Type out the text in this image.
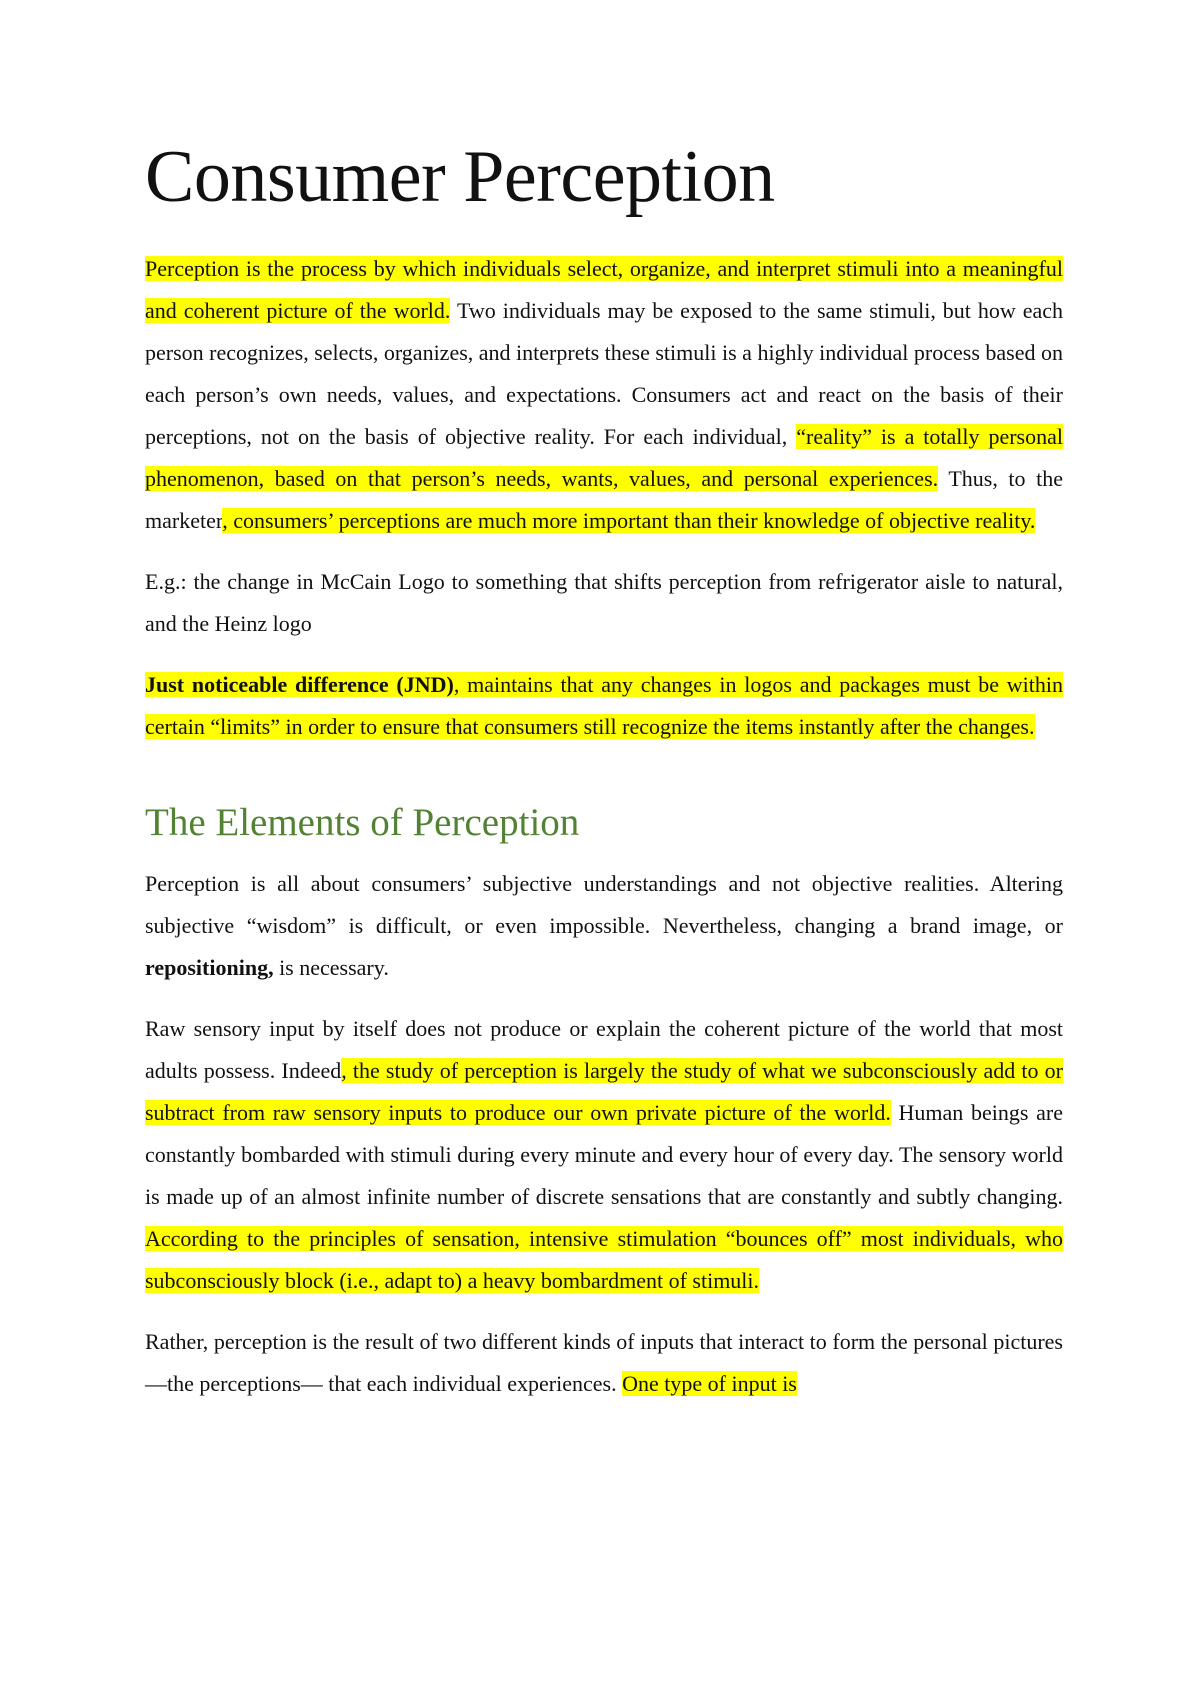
Consumer Perception

Perception is the process by which individuals select, organize, and interpret stimuli into a meaningful and coherent picture of the world. Two individuals may be exposed to the same stimuli, but how each person recognizes, selects, organizes, and interprets these stimuli is a highly individual process based on each person’s own needs, values, and expectations. Consumers act and react on the basis of their perceptions, not on the basis of objective reality. For each individual, “reality” is a totally personal phenomenon, based on that person’s needs, wants, values, and personal experiences. Thus, to the marketer, consumers’ perceptions are much more important than their knowledge of objective reality.

E.g.: the change in McCain Logo to something that shifts perception from refrigerator aisle to natural, and the Heinz logo

Just noticeable difference (JND), maintains that any changes in logos and packages must be within certain “limits” in order to ensure that consumers still recognize the items instantly after the changes.

The Elements of Perception

Perception is all about consumers’ subjective understandings and not objective realities. Altering subjective “wisdom” is difficult, or even impossible. Nevertheless, changing a brand image, or repositioning, is necessary.

Raw sensory input by itself does not produce or explain the coherent picture of the world that most adults possess. Indeed, the study of perception is largely the study of what we subconsciously add to or subtract from raw sensory inputs to produce our own private picture of the world. Human beings are constantly bombarded with stimuli during every minute and every hour of every day. The sensory world is made up of an almost infinite number of discrete sensations that are constantly and subtly changing. According to the principles of sensation, intensive stimulation “bounces off” most individuals, who subconsciously block (i.e., adapt to) a heavy bombardment of stimuli.

Rather, perception is the result of two different kinds of inputs that interact to form the personal pictures—the perceptions— that each individual experiences. One type of input is
